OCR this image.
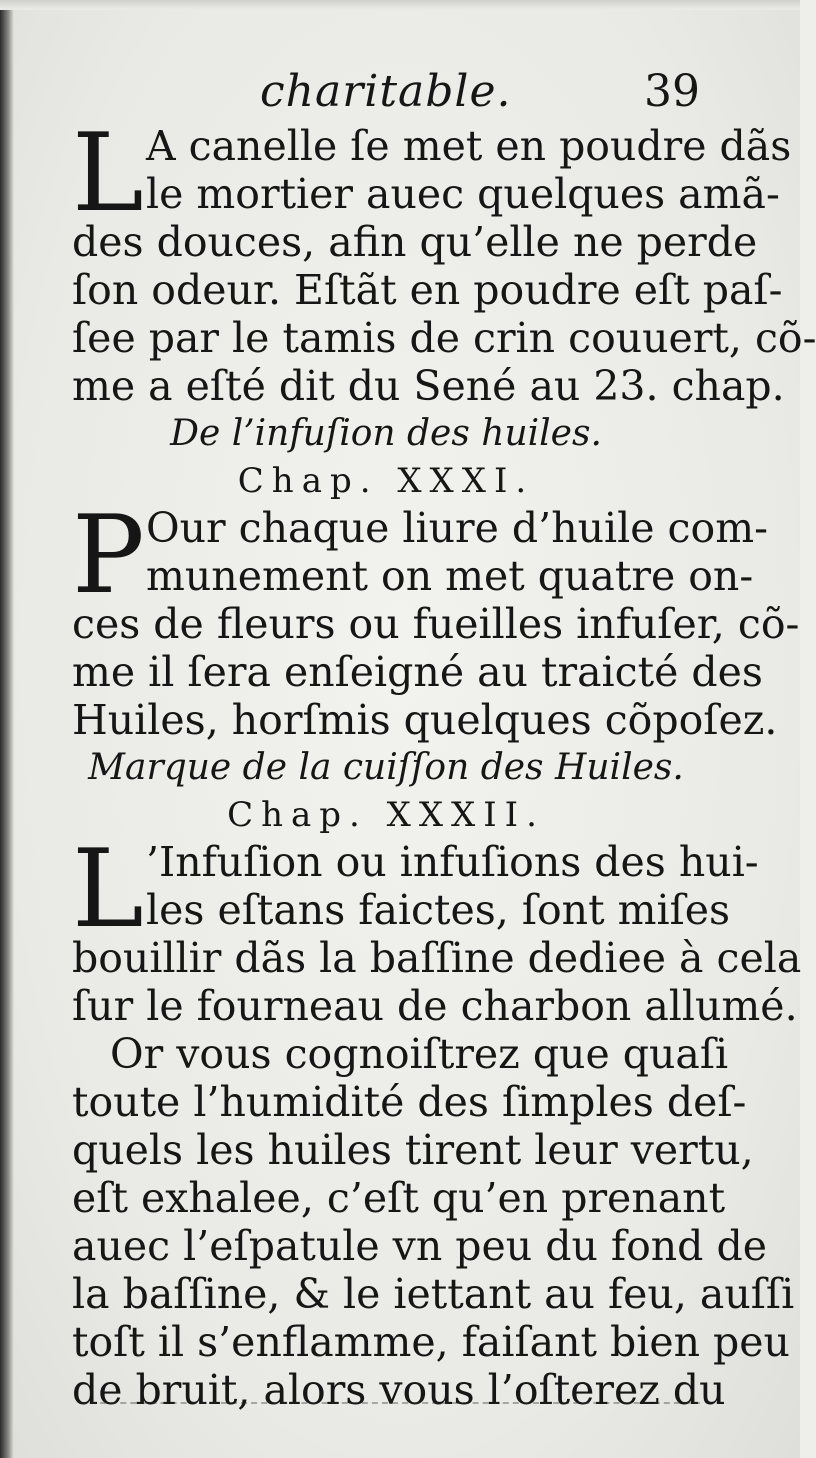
charitable.	39
L A canelle ſe met en poudre dãs
le mortier auec quelques amã-
des douces, afin qu’elle ne perde
ſon odeur. Eſtãt en poudre eſt paſ-
ſee par le tamis de crin couuert, cõ-
me a eſté dit du Sené au 23. chap.
De l’infuſion des huiles.
Chap. XXXI.
P Our chaque liure d’huile com-
munement on met quatre on-
ces de fleurs ou fueilles infuſer, cõ-
me il ſera enſeigné au traicté des
Huiles, horſmis quelques cõpoſez.
Marque de la cuiſſon des Huiles.
Chap. XXXII.
L ’Infuſion ou infuſions des hui-
les eſtans faictes, ſont miſes
bouillir dãs la baſſine dediee à cela
ſur le fourneau de charbon allumé.
Or vous cognoiſtrez que quaſi
toute l’humidité des ſimples deſ-
quels les huiles tirent leur vertu,
eſt exhalee, c’eſt qu’en prenant
auec l’eſpatule vn peu du fond de
la baſſine, & le iettant au feu, auſſi
toſt il s’enflamme, faiſant bien peu
de bruit, alors vous l’oſterez du
